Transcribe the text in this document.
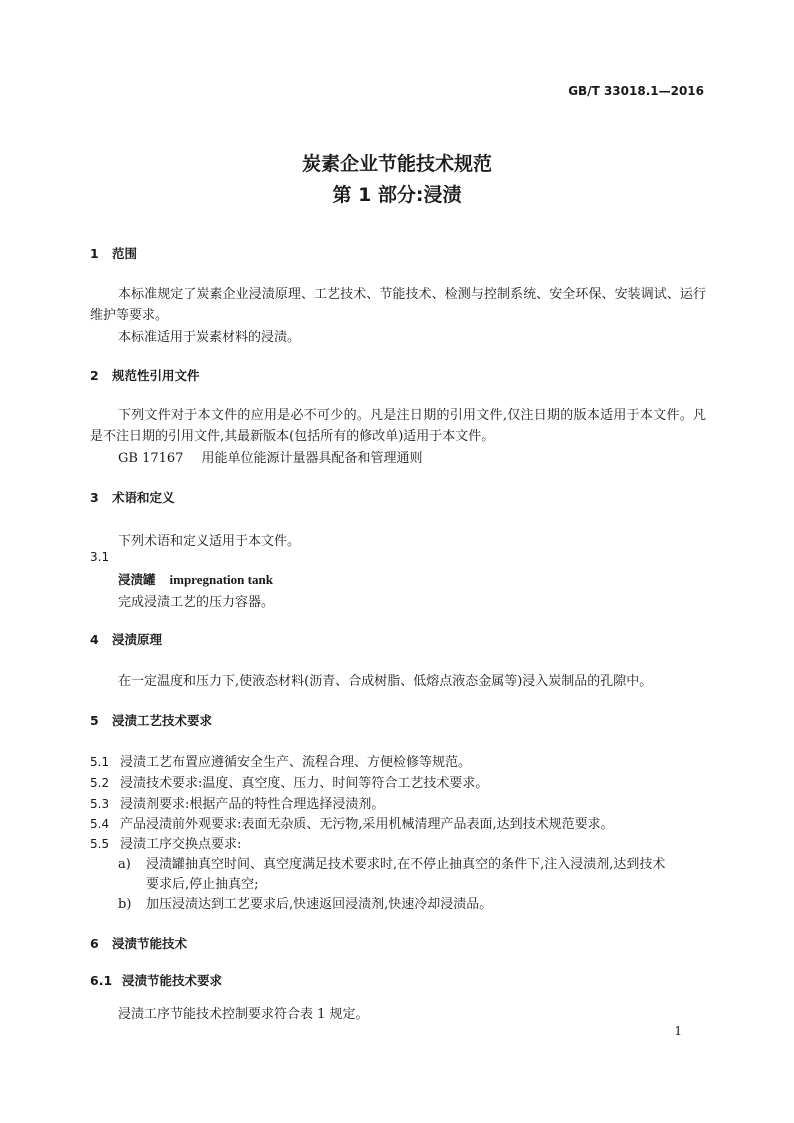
GB/T 33018.1—2016
炭素企业节能技术规范
第 1 部分:浸渍
1 范围
本标准规定了炭素企业浸渍原理、工艺技术、节能技术、检测与控制系统、安全环保、安装调试、运行维护等要求。
本标准适用于炭素材料的浸渍。
2 规范性引用文件
下列文件对于本文件的应用是必不可少的。凡是注日期的引用文件,仅注日期的版本适用于本文件。凡是不注日期的引用文件,其最新版本(包括所有的修改单)适用于本文件。
GB 17167 用能单位能源计量器具配备和管理通则
3 术语和定义
下列术语和定义适用于本文件。
3.1
浸渍罐 impregnation tank
完成浸渍工艺的压力容器。
4 浸渍原理
在一定温度和压力下,使液态材料(沥青、合成树脂、低熔点液态金属等)浸入炭制品的孔隙中。
5 浸渍工艺技术要求
5.1 浸渍工艺布置应遵循安全生产、流程合理、方便检修等规范。
5.2 浸渍技术要求:温度、真空度、压力、时间等符合工艺技术要求。
5.3 浸渍剂要求:根据产品的特性合理选择浸渍剂。
5.4 产品浸渍前外观要求:表面无杂质、无污物,采用机械清理产品表面,达到技术规范要求。
5.5 浸渍工序交换点要求:
a) 浸渍罐抽真空时间、真空度满足技术要求时,在不停止抽真空的条件下,注入浸渍剂,达到技术
要求后,停止抽真空;
b) 加压浸渍达到工艺要求后,快速返回浸渍剂,快速冷却浸渍品。
6 浸渍节能技术
6.1 浸渍节能技术要求
浸渍工序节能技术控制要求符合表 1 规定。
1
